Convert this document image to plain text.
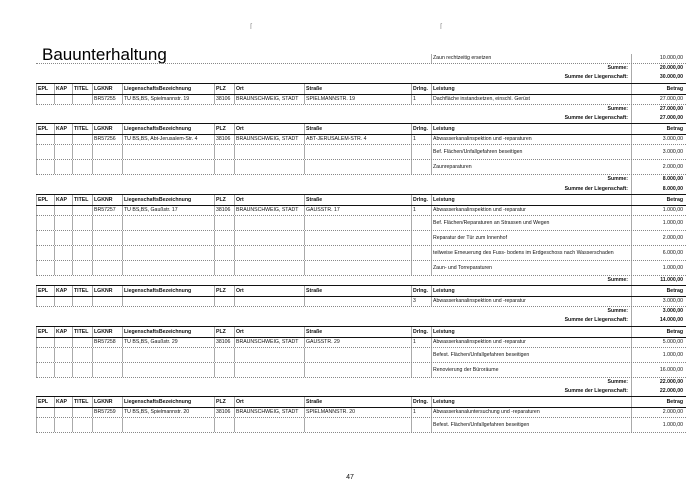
ſ	ſ
Bauunterhaltung	Zaun rechtzeitig ersetzen	10.000,00
Summe:	20.000,00
Summe der Liegenschaft:	30.000,00
EPL	KAP	TITEL	LGKNR	LiegenschaftsBezeichnung	PLZ	Ort	Straße	Drlng. Leistung	Betrag
BR57255	TU BS,BS, Spielmannstr. 19	38106	BRAUNSCHWEIG, STADT	SPIELMANNSTR. 19	1	Dachfläche instandsetzen, einschl. Gerüst	27.000,00
Summe:	27.000,00
Summe der Liegenschaft:	27.000,00
EPL	KAP	TITEL	LGKNR	LiegenschaftsBezeichnung	PLZ	Ort	Straße	Drlng. Leistung	Betrag
BR57256	TU BS,BS, Abt-Jerusalem-Str. 4	38106	BRAUNSCHWEIG, STADT	ABT-JERUSALEM-STR. 4	1	Abwasserkanalinspektion und -reparaturen	3.000,00
Bef. Flächen/Unfallgefahren beseitigen	3.000,00
Zaunreparaturen	2.000,00
Summe:	8.000,00
Summe der Liegenschaft:	8.000,00
EPL	KAP	TITEL	LGKNR	LiegenschaftsBezeichnung	PLZ	Ort	Straße	Drlng. Leistung	Betrag
BR57257	TU BS,BS, Gaußstr. 17	38106	BRAUNSCHWEIG, STADT	GAUSSTR. 17	1	Abwasserkanalinspektion und -reparatur	1.000,00
Bef. Flächen/Reparaturen an Strassen und Wegen	1.000,00
Reparatur der Tür zum Innenhof	2.000,00
teilweise Erneuerung des Fuss- bodens im Erdgeschoss nach Wasserschaden	6.000,00
Zaun- und Torreparaturen	1.000,00
Summe:	11.000,00
EPL	KAP	TITEL	LGKNR	LiegenschaftsBezeichnung	PLZ	Ort	Straße	Drlng. Leistung	Betrag
3	Abwasserkanalinspektion und -reparatur	3.000,00
Summe:	3.000,00
Summe der Liegenschaft:	14.000,00
EPL	KAP	TITEL	LGKNR	LiegenschaftsBezeichnung	PLZ	Ort	Straße	Drlng. Leistung	Betrag
BR57258	TU BS,BS, Gaußstr. 29	38106	BRAUNSCHWEIG, STADT	GAUSSTR. 29	1	Abwasserkanalinspektion und -reparatur	5.000,00
Befest. Flächen/Unfallgefahren beseitigen	1.000,00
Renovierung der Büroräume	16.000,00
Summe:	22.000,00
Summe der Liegenschaft:	22.000,00
EPL	KAP	TITEL	LGKNR	LiegenschaftsBezeichnung	PLZ	Ort	Straße	Drlng. Leistung	Betrag
BR57259	TU BS,BS, Spielmannstr. 20	38106	BRAUNSCHWEIG, STADT	SPIELMANNSTR. 20	1	Abwasserkanaluntersuchung und -reparaturen	2.000,00
Befest. Flächen/Unfallgefahren beseitigen	1.000,00
47
